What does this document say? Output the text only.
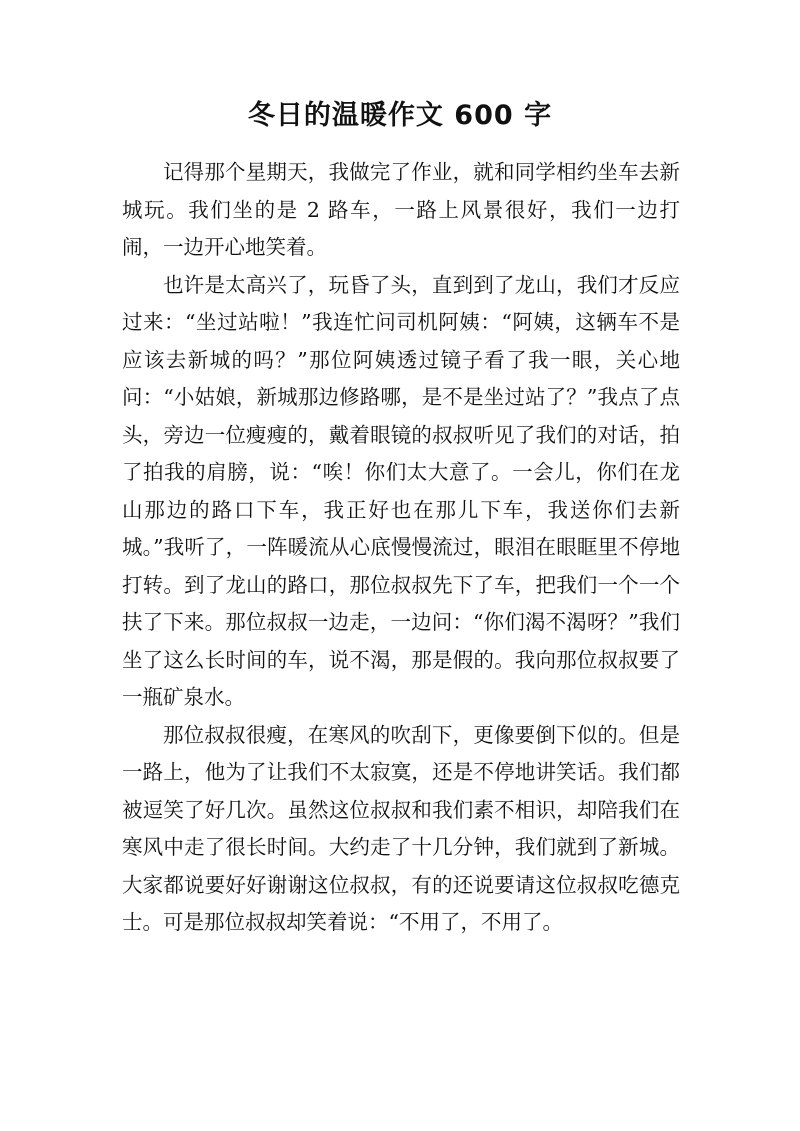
冬日的温暖作文 600 字

记得那个星期天，我做完了作业，就和同学相约坐车去新城玩。我们坐的是 2 路车，一路上风景很好，我们一边打闹，一边开心地笑着。

也许是太高兴了，玩昏了头，直到到了龙山，我们才反应过来：“坐过站啦！”我连忙问司机阿姨：“阿姨，这辆车不是应该去新城的吗？”那位阿姨透过镜子看了我一眼，关心地问：“小姑娘，新城那边修路哪，是不是坐过站了？”我点了点头，旁边一位瘦瘦的，戴着眼镜的叔叔听见了我们的对话，拍了拍我的肩膀，说：“唉！你们太大意了。一会儿，你们在龙山那边的路口下车，我正好也在那儿下车，我送你们去新城。”我听了，一阵暖流从心底慢慢流过，眼泪在眼眶里不停地打转。到了龙山的路口，那位叔叔先下了车，把我们一个一个扶了下来。那位叔叔一边走，一边问：“你们渴不渴呀？”我们坐了这么长时间的车，说不渴，那是假的。我向那位叔叔要了一瓶矿泉水。

那位叔叔很瘦，在寒风的吹刮下，更像要倒下似的。但是一路上，他为了让我们不太寂寞，还是不停地讲笑话。我们都被逗笑了好几次。虽然这位叔叔和我们素不相识，却陪我们在寒风中走了很长时间。大约走了十几分钟，我们就到了新城。大家都说要好好谢谢这位叔叔，有的还说要请这位叔叔吃德克士。可是那位叔叔却笑着说：“不用了，不用了。
